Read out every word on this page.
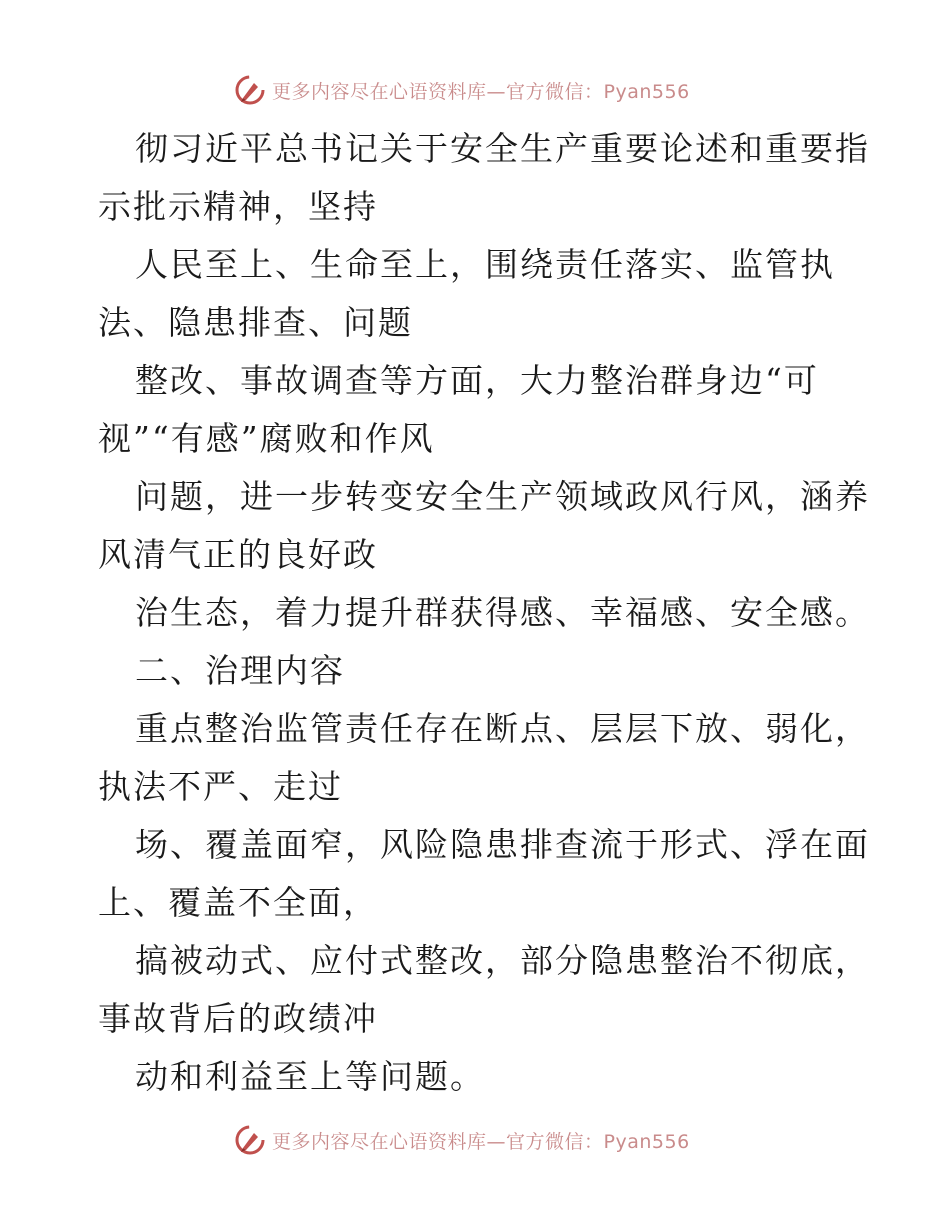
更多内容尽在心语资料库—官方微信：Pyan556
彻习近平总书记关于安全生产重要论述和重要指
示批示精神，坚持
人民至上、生命至上，围绕责任落实、监管执
法、隐患排查、问题
整改、事故调查等方面，大力整治群身边“可
视”“有感”腐败和作风
问题，进一步转变安全生产领域政风行风，涵养
风清气正的良好政
治生态，着力提升群获得感、幸福感、安全感。
二、治理内容
重点整治监管责任存在断点、层层下放、弱化，
执法不严、走过
场、覆盖面窄，风险隐患排查流于形式、浮在面
上、覆盖不全面，
搞被动式、应付式整改，部分隐患整治不彻底，
事故背后的政绩冲
动和利益至上等问题。
更多内容尽在心语资料库—官方微信：Pyan556
